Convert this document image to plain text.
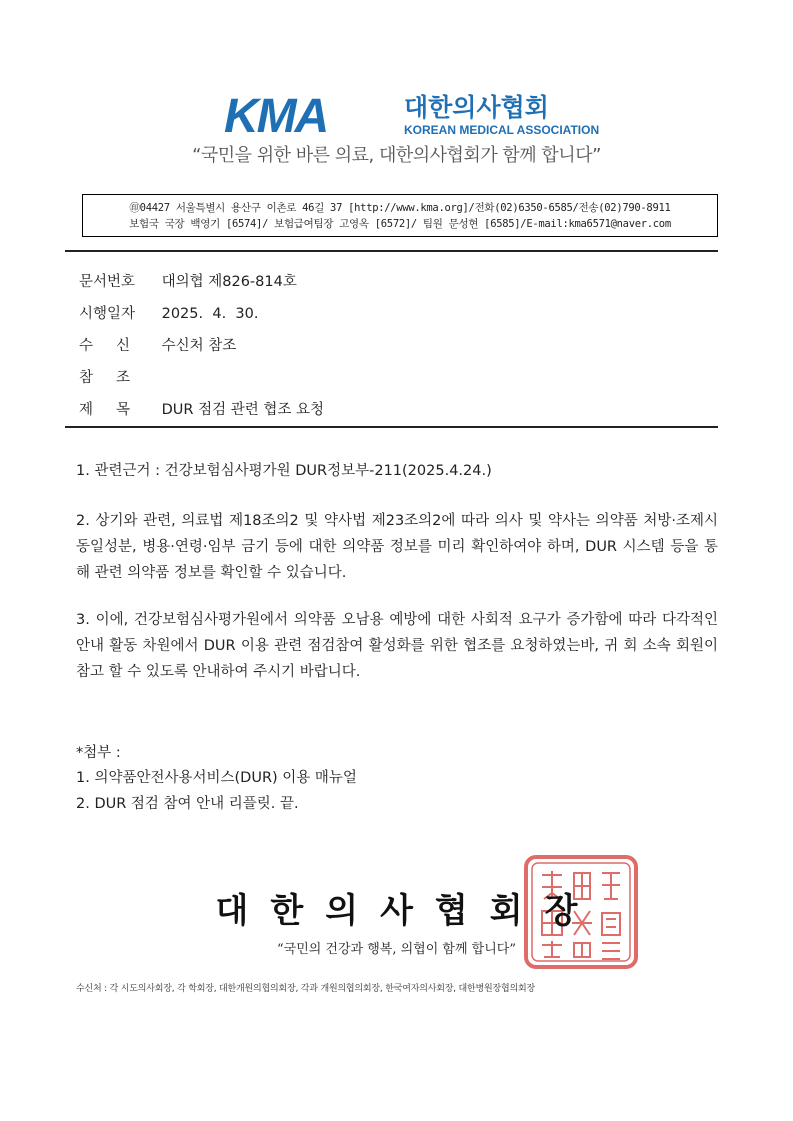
KMA	대한의사협회
KOREAN MEDICAL ASSOCIATION
“국민을 위한 바른 의료, 대한의사협회가 함께 합니다”
㊞04427 서울특별시 용산구 이촌로 46길 37 [http://www.kma.org]/전화(02)6350-6585/전송(02)790-8911
보험국 국장 백영기 [6574]/ 보험급여팀장 고영옥 [6572]/ 팀원 문성현 [6585]/E-mail:kma6571@naver.com
문서번호 대의협 제826-814호
시행일자 2025.  4.  30.
수     신 수신처 참조
참     조
제     목 DUR 점검 관련 협조 요청
1. 관련근거 : 건강보험심사평가원 DUR정보부-211(2025.4.24.)
2. 상기와 관련, 의료법 제18조의2 및 약사법 제23조의2에 따라 의사 및 약사는 의약품 처방·조제시 동일성분, 병용·연령·임부 금기 등에 대한 의약품 정보를 미리 확인하여야 하며, DUR 시스템 등을 통해 관련 의약품 정보를 확인할 수 있습니다.
3. 이에, 건강보험심사평가원에서 의약품 오남용 예방에 대한 사회적 요구가 증가함에 따라 다각적인 안내 활동 차원에서 DUR 이용 관련 점검참여 활성화를 위한 협조를 요청하였는바, 귀 회 소속 회원이 참고 할 수 있도록 안내하여 주시기 바랍니다.
*첨부 :
1. 의약품안전사용서비스(DUR) 이용 매뉴얼
2. DUR 점검 참여 안내 리플릿. 끝.
대한의사협회장
“국민의 건강과 행복, 의협이 함께 합니다”
수신처 : 각 시도의사회장, 각 학회장, 대한개원의협의회장, 각과 개원의협의회장, 한국여자의사회장, 대한병원장협의회장
